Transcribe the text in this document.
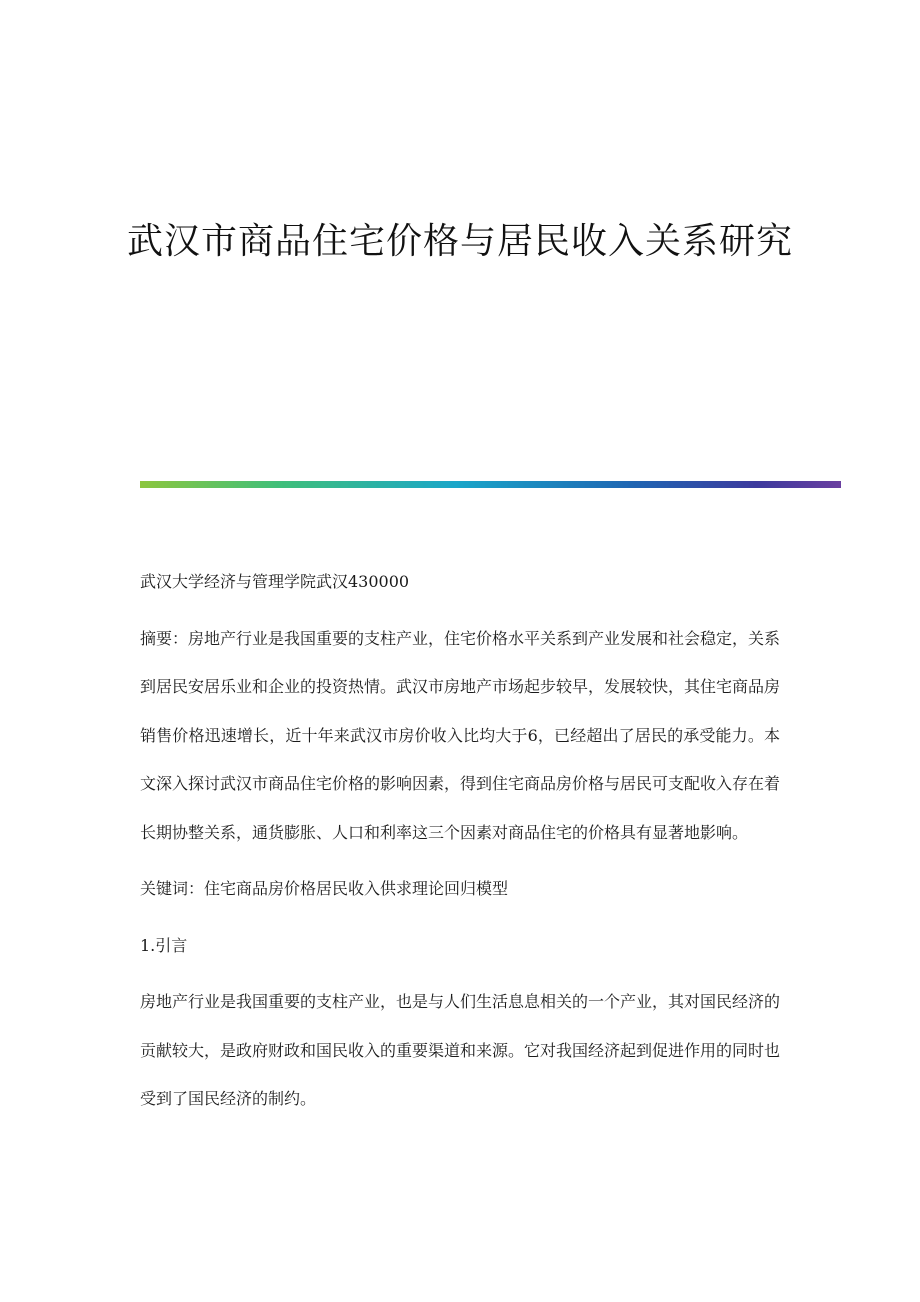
武汉市商品住宅价格与居民收入关系研究

武汉大学经济与管理学院武汉430000

摘要：房地产行业是我国重要的支柱产业，住宅价格水平关系到产业发展和社会稳定，关系到居民安居乐业和企业的投资热情。武汉市房地产市场起步较早，发展较快，其住宅商品房销售价格迅速增长，近十年来武汉市房价收入比均大于6，已经超出了居民的承受能力。本文深入探讨武汉市商品住宅价格的影响因素，得到住宅商品房价格与居民可支配收入存在着长期协整关系，通货膨胀、人口和利率这三个因素对商品住宅的价格具有显著地影响。

关键词：住宅商品房价格居民收入供求理论回归模型

1.引言

房地产行业是我国重要的支柱产业，也是与人们生活息息相关的一个产业，其对国民经济的贡献较大，是政府财政和国民收入的重要渠道和来源。它对我国经济起到促进作用的同时也受到了国民经济的制约。
